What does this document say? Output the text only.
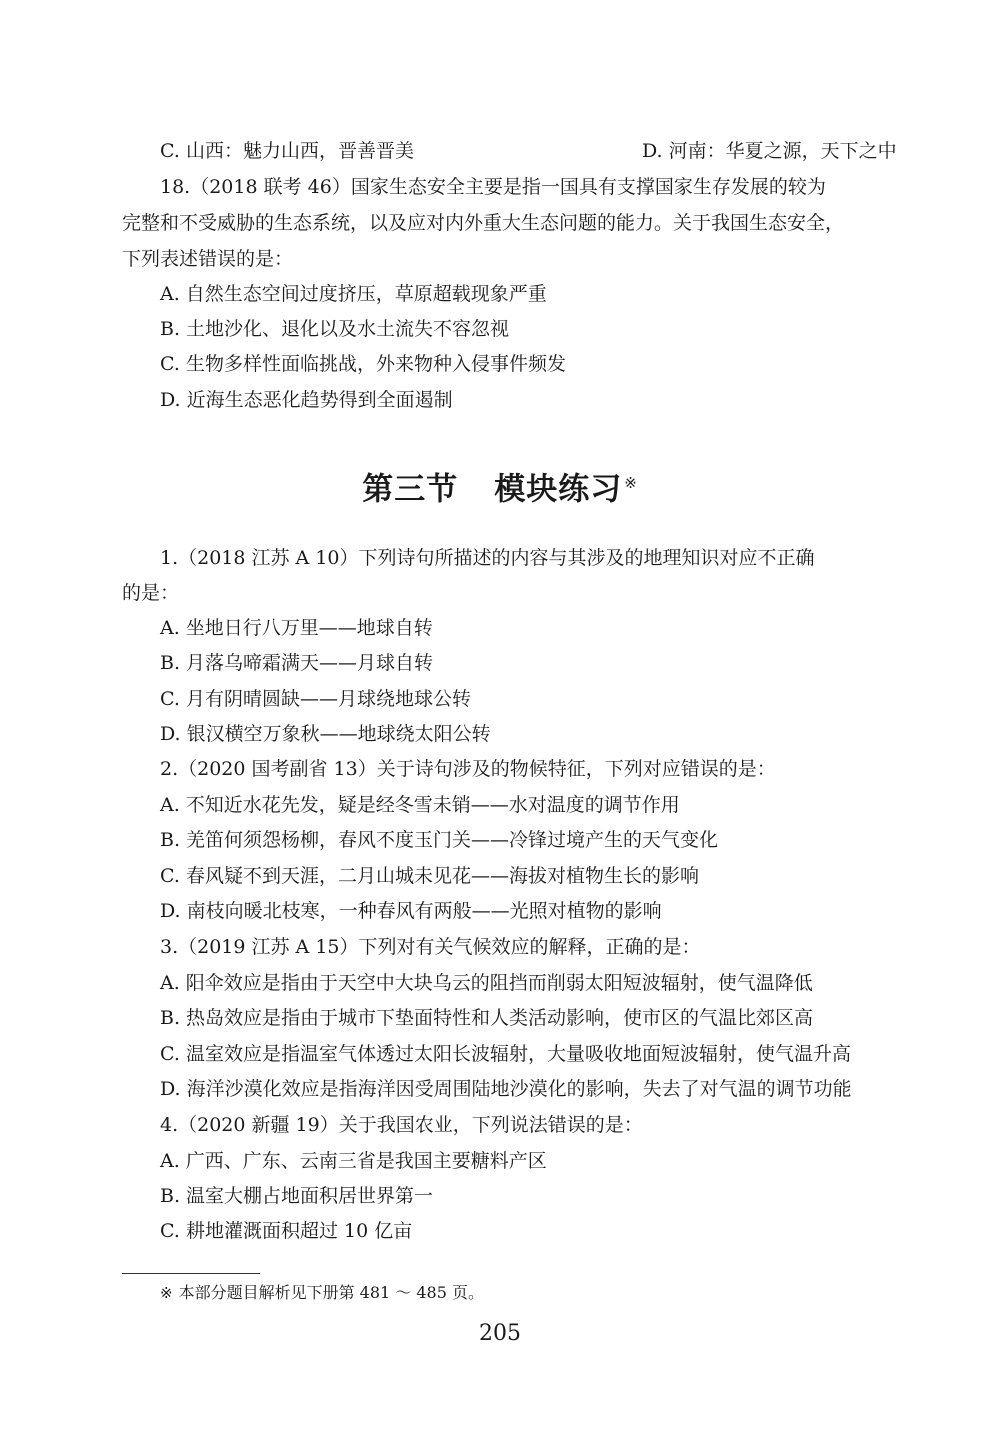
C. 山西：魅力山西，晋善晋美	D. 河南：华夏之源，天下之中
18.（2018 联考 46）国家生态安全主要是指一国具有支撑国家生存发展的较为
完整和不受威胁的生态系统，以及应对内外重大生态问题的能力。关于我国生态安全，
下列表述错误的是：
A. 自然生态空间过度挤压，草原超载现象严重
B. 土地沙化、退化以及水土流失不容忽视
C. 生物多样性面临挑战，外来物种入侵事件频发
D. 近海生态恶化趋势得到全面遏制
第三节 模块练习 ※
1.（2018 江苏 A 10）下列诗句所描述的内容与其涉及的地理知识对应不正确
的是：
A. 坐地日行八万里——地球自转
B. 月落乌啼霜满天——月球自转
C. 月有阴晴圆缺——月球绕地球公转
D. 银汉横空万象秋——地球绕太阳公转
2.（2020 国考副省 13）关于诗句涉及的物候特征，下列对应错误的是：
A. 不知近水花先发，疑是经冬雪未销——水对温度的调节作用
B. 羌笛何须怨杨柳，春风不度玉门关——冷锋过境产生的天气变化
C. 春风疑不到天涯，二月山城未见花——海拔对植物生长的影响
D. 南枝向暖北枝寒，一种春风有两般——光照对植物的影响
3.（2019 江苏 A 15）下列对有关气候效应的解释，正确的是：
A. 阳伞效应是指由于天空中大块乌云的阻挡而削弱太阳短波辐射，使气温降低
B. 热岛效应是指由于城市下垫面特性和人类活动影响，使市区的气温比郊区高
C. 温室效应是指温室气体透过太阳长波辐射，大量吸收地面短波辐射，使气温升高
D. 海洋沙漠化效应是指海洋因受周围陆地沙漠化的影响，失去了对气温的调节功能
4.（2020 新疆 19）关于我国农业，下列说法错误的是：
A. 广西、广东、云南三省是我国主要糖料产区
B. 温室大棚占地面积居世界第一
C. 耕地灌溉面积超过 10 亿亩
※ 本部分题目解析见下册第 481 ～ 485 页。
205
